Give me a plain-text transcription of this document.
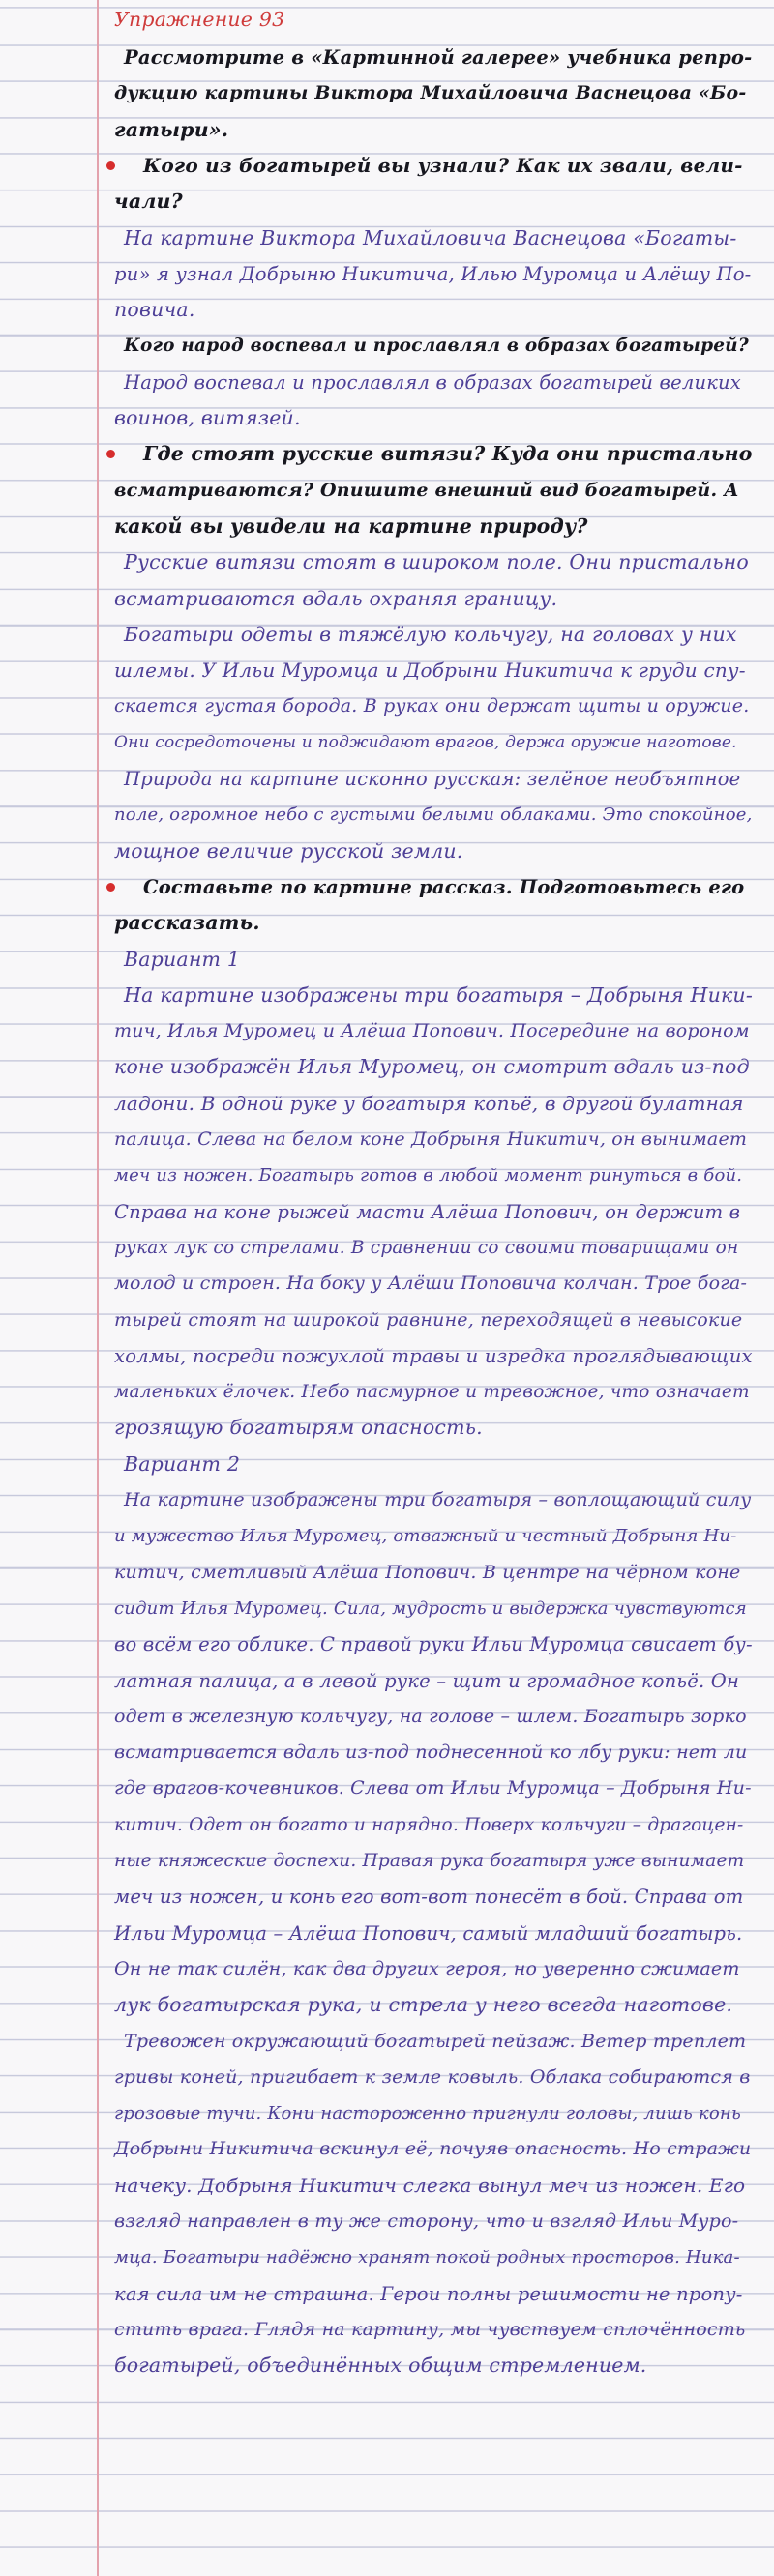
Упражнение 93
Рассмотрите в «Картинной галерее» учебника репро-
дукцию картины Виктора Михайловича Васнецова «Бо-
гатыри».
Кого из богатырей вы узнали? Как их звали, вели-
чали?
На картине Виктора Михайловича Васнецова «Богаты-
ри» я узнал Добрыню Никитича, Илью Муромца и Алёшу По-
повича.
Кого народ воспевал и прославлял в образах богатырей?
Народ воспевал и прославлял в образах богатырей великих
воинов, витязей.
Где стоят русские витязи? Куда они пристально
всматриваются? Опишите внешний вид богатырей. А
какой вы увидели на картине природу?
Русские витязи стоят в широком поле. Они пристально
всматриваются вдаль охраняя границу.
Богатыри одеты в тяжёлую кольчугу, на головах у них
шлемы. У Ильи Муромца и Добрыни Никитича к груди спу-
скается густая борода. В руках они держат щиты и оружие.
Они сосредоточены и поджидают врагов, держа оружие наготове.
Природа на картине исконно русская: зелёное необъятное
поле, огромное небо с густыми белыми облаками. Это спокойное,
мощное величие русской земли.
Составьте по картине рассказ. Подготовьтесь его
рассказать.
Вариант 1
На картине изображены три богатыря – Добрыня Ники-
тич, Илья Муромец и Алёша Попович. Посередине на вороном
коне изображён Илья Муромец, он смотрит вдаль из-под
ладони. В одной руке у богатыря копьё, в другой булатная
палица. Слева на белом коне Добрыня Никитич, он вынимает
меч из ножен. Богатырь готов в любой момент ринуться в бой.
Справа на коне рыжей масти Алёша Попович, он держит в
руках лук со стрелами. В сравнении со своими товарищами он
молод и строен. На боку у Алёши Поповича колчан. Трое бога-
тырей стоят на широкой равнине, переходящей в невысокие
холмы, посреди пожухлой травы и изредка проглядывающих
маленьких ёлочек. Небо пасмурное и тревожное, что означает
грозящую богатырям опасность.
Вариант 2
На картине изображены три богатыря – воплощающий силу
и мужество Илья Муромец, отважный и честный Добрыня Ни-
китич, сметливый Алёша Попович. В центре на чёрном коне
сидит Илья Муромец. Сила, мудрость и выдержка чувствуются
во всём его облике. С правой руки Ильи Муромца свисает бу-
латная палица, а в левой руке – щит и громадное копьё. Он
одет в железную кольчугу, на голове – шлем. Богатырь зорко
всматривается вдаль из-под поднесенной ко лбу руки: нет ли
где врагов-кочевников. Слева от Ильи Муромца – Добрыня Ни-
китич. Одет он богато и нарядно. Поверх кольчуги – драгоцен-
ные княжеские доспехи. Правая рука богатыря уже вынимает
меч из ножен, и конь его вот-вот понесёт в бой. Справа от
Ильи Муромца – Алёша Попович, самый младший богатырь.
Он не так силён, как два других героя, но уверенно сжимает
лук богатырская рука, и стрела у него всегда наготове.
Тревожен окружающий богатырей пейзаж. Ветер треплет
гривы коней, пригибает к земле ковыль. Облака собираются в
грозовые тучи. Кони настороженно пригнули головы, лишь конь
Добрыни Никитича вскинул её, почуяв опасность. Но стражи
начеку. Добрыня Никитич слегка вынул меч из ножен. Его
взгляд направлен в ту же сторону, что и взгляд Ильи Муро-
мца. Богатыри надёжно хранят покой родных просторов. Ника-
кая сила им не страшна. Герои полны решимости не пропу-
стить врага. Глядя на картину, мы чувствуем сплочённость
богатырей, объединённых общим стремлением.
